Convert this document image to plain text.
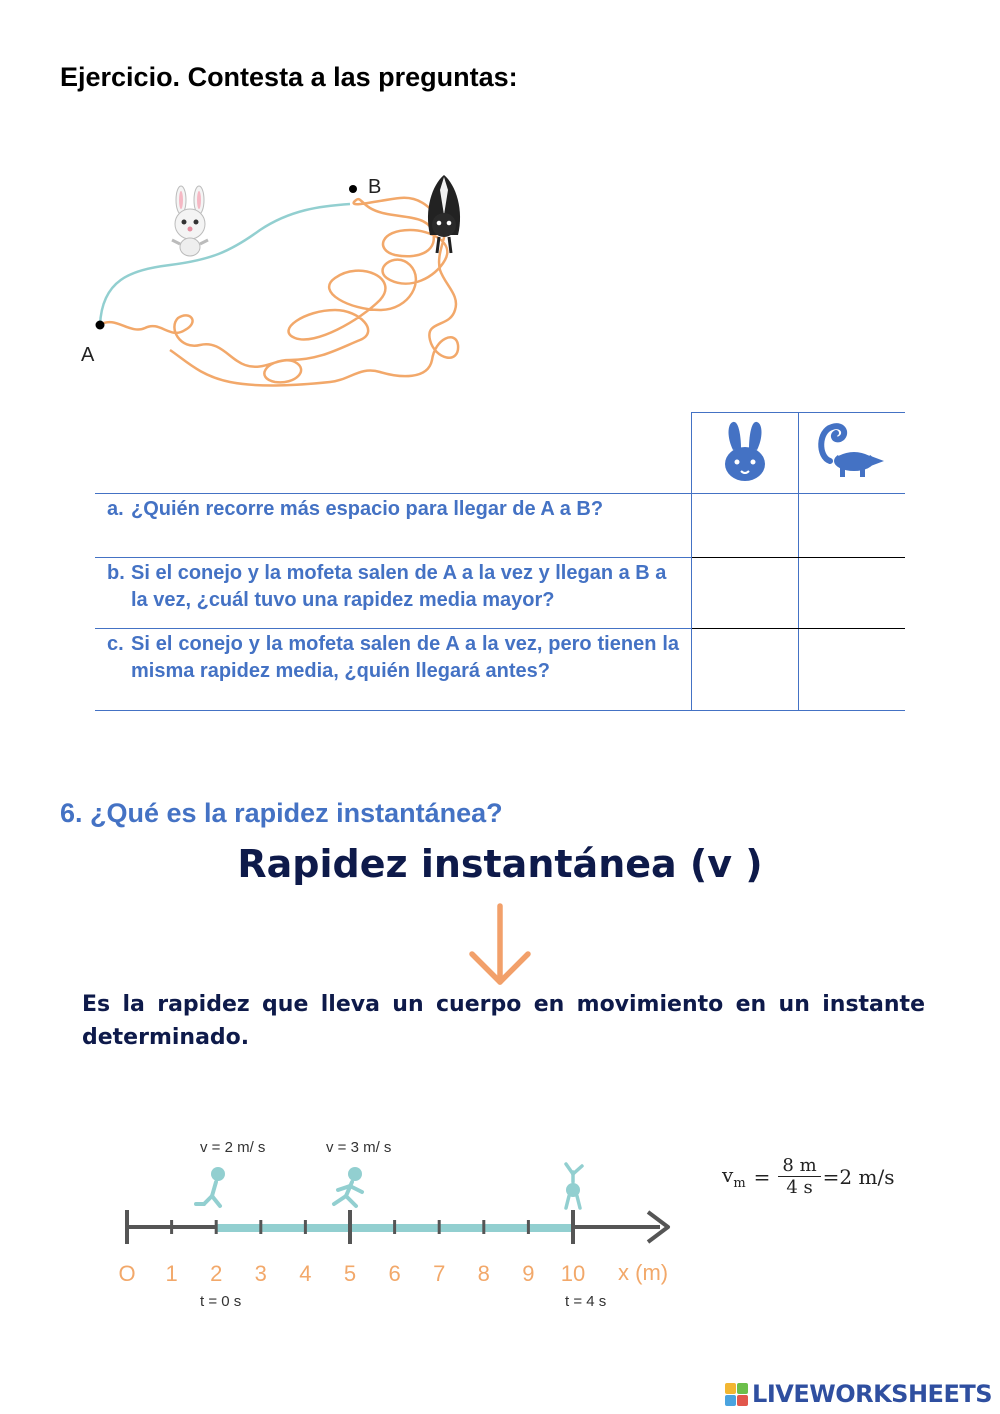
Ejercicio. Contesta a las preguntas:
A
B

a. ¿Quién recorre más espacio para llegar de A a B?		
b. Si el conejo y la mofeta salen de A a la vez y llegan a B a la vez, ¿cuál tuvo una rapidez media mayor?		
c. Si el conejo y la mofeta salen de A a la vez, pero tienen la misma rapidez media, ¿quién llegará antes?		
6. ¿Qué es la rapidez instantánea?
Rapidez instantánea (v )
Es la rapidez que lleva un cuerpo en movimiento en un instante determinado.
O 1 2 3 4 5 6 7 8 9 10 x (m)
v = 2 m/ s	v = 3 m/ s
t = 0 s	t = 4 s
$v_m = \frac{8 m}{4 s} =2$ m/s
LIVEWORKSHEETS
